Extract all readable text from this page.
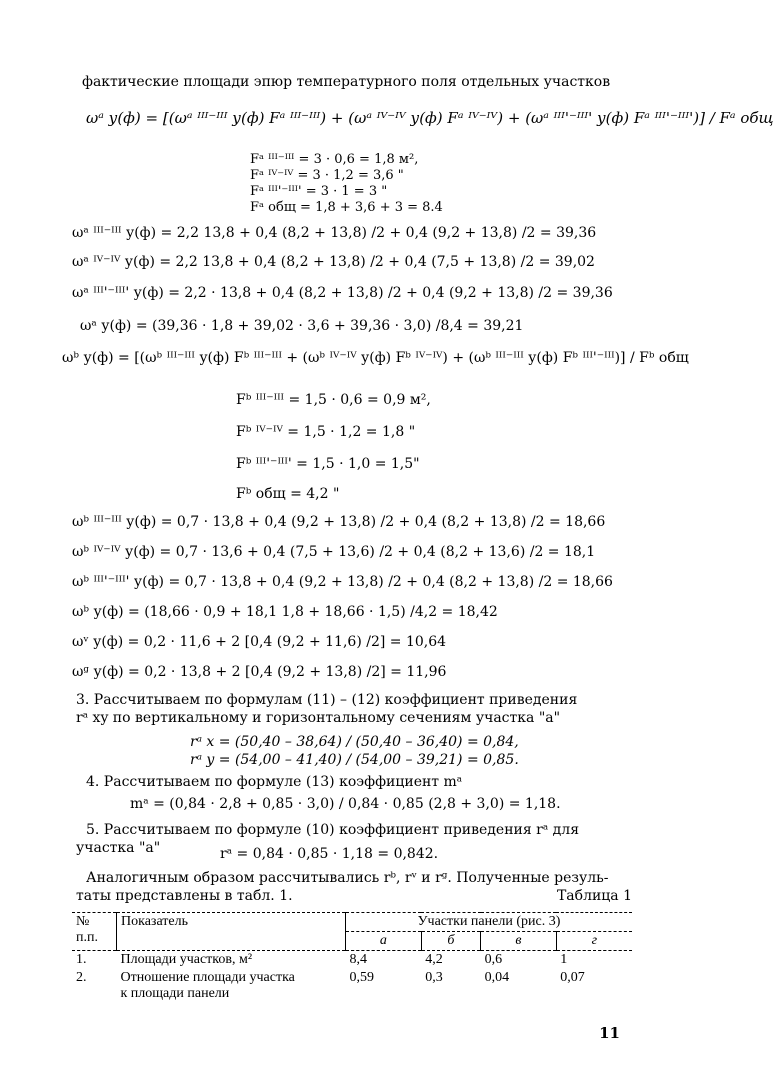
фактические площади эпюр температурного поля отдельных участков
ωᵃ у(ф) = [(ωᵃ ᴵᴵᴵ⁻ᴵᴵᴵ у(ф) Fᵃ ᴵᴵᴵ⁻ᴵᴵᴵ) + (ωᵃ ᴵⱽ⁻ᴵⱽ у(ф) Fᵃ ᴵⱽ⁻ᴵⱽ) + (ωᵃ ᴵᴵᴵ'⁻ᴵᴵᴵ' у(ф) Fᵃ ᴵᴵᴵ'⁻ᴵᴵᴵ')] / Fᵃ общ
Fᵃ ᴵᴵᴵ⁻ᴵᴵᴵ = 3 · 0,6 = 1,8 м²,
Fᵃ ᴵⱽ⁻ᴵⱽ = 3 · 1,2 = 3,6 "
Fᵃ ᴵᴵᴵ'⁻ᴵᴵᴵ' = 3 · 1 = 3 "
Fᵃ общ = 1,8 + 3,6 + 3 = 8.4
ωᵃ ᴵᴵᴵ⁻ᴵᴵᴵ у(ф) = 2,2 13,8 + 0,4 (8,2 + 13,8) /2 + 0,4 (9,2 + 13,8) /2 = 39,36
ωᵃ ᴵⱽ⁻ᴵⱽ у(ф) = 2,2 13,8 + 0,4 (8,2 + 13,8) /2 + 0,4 (7,5 + 13,8) /2 = 39,02
ωᵃ ᴵᴵᴵ'⁻ᴵᴵᴵ' у(ф) = 2,2 · 13,8 + 0,4 (8,2 + 13,8) /2 + 0,4 (9,2 + 13,8) /2 = 39,36
ωᵃ у(ф) = (39,36 · 1,8 + 39,02 · 3,6 + 39,36 · 3,0) /8,4 = 39,21
ωᵇ у(ф) = [(ωᵇ ᴵᴵᴵ⁻ᴵᴵᴵ у(ф) Fᵇ ᴵᴵᴵ⁻ᴵᴵᴵ + (ωᵇ ᴵⱽ⁻ᴵⱽ у(ф) Fᵇ ᴵⱽ⁻ᴵⱽ) + (ωᵇ ᴵᴵᴵ⁻ᴵᴵᴵ у(ф) Fᵇ ᴵᴵᴵ'⁻ᴵᴵᴵ)] / Fᵇ общ
Fᵇ ᴵᴵᴵ⁻ᴵᴵᴵ = 1,5 · 0,6 = 0,9 м²,
Fᵇ ᴵⱽ⁻ᴵⱽ = 1,5 · 1,2 = 1,8 "
Fᵇ ᴵᴵᴵ'⁻ᴵᴵᴵ' = 1,5 · 1,0 = 1,5"
Fᵇ общ = 4,2 "
ωᵇ ᴵᴵᴵ⁻ᴵᴵᴵ у(ф) = 0,7 · 13,8 + 0,4 (9,2 + 13,8) /2 + 0,4 (8,2 + 13,8) /2 = 18,66
ωᵇ ᴵⱽ⁻ᴵⱽ у(ф) = 0,7 · 13,6 + 0,4 (7,5 + 13,6) /2 + 0,4 (8,2 + 13,6) /2 = 18,1
ωᵇ ᴵᴵᴵ'⁻ᴵᴵᴵ' у(ф) = 0,7 · 13,8 + 0,4 (9,2 + 13,8) /2 + 0,4 (8,2 + 13,8) /2 = 18,66
ωᵇ у(ф) = (18,66 · 0,9 + 18,1 1,8 + 18,66 · 1,5) /4,2 = 18,42
ωᵛ у(ф) = 0,2 · 11,6 + 2 [0,4 (9,2 + 11,6) /2] = 10,64
ωᵍ у(ф) = 0,2 · 13,8 + 2 [0,4 (9,2 + 13,8) /2] = 11,96
3. Рассчитываем по формулам (11) – (12) коэффициент приведения
rᵃ xy по вертикальному и горизонтальному сечениям участка "а"
rᵃ x = (50,40 – 38,64) / (50,40 – 36,40) = 0,84,
rᵃ y = (54,00 – 41,40) / (54,00 – 39,21) = 0,85.
4. Рассчитываем по формуле (13) коэффициент mᵃ
mᵃ = (0,84 · 2,8 + 0,85 · 3,0) / 0,84 · 0,85 (2,8 + 3,0) = 1,18.
5. Рассчитываем по формуле (10) коэффициент приведения rᵃ для
участка "а"	rᵃ = 0,84 · 0,85 · 1,18 = 0,842.
Аналогичным образом рассчитывались rᵇ, rᵛ и rᵍ. Полученные резуль-
таты представлены в табл. 1.	Таблица 1
№
п.п.	Показатель	Участки панели (рис. 3)			
		а	б	в	г
1.	Площади участков, м²	8,4	4,2	0,6	1
2.	Отношение площади участка
к площади панели	0,59	0,3	0,04	0,07
11
